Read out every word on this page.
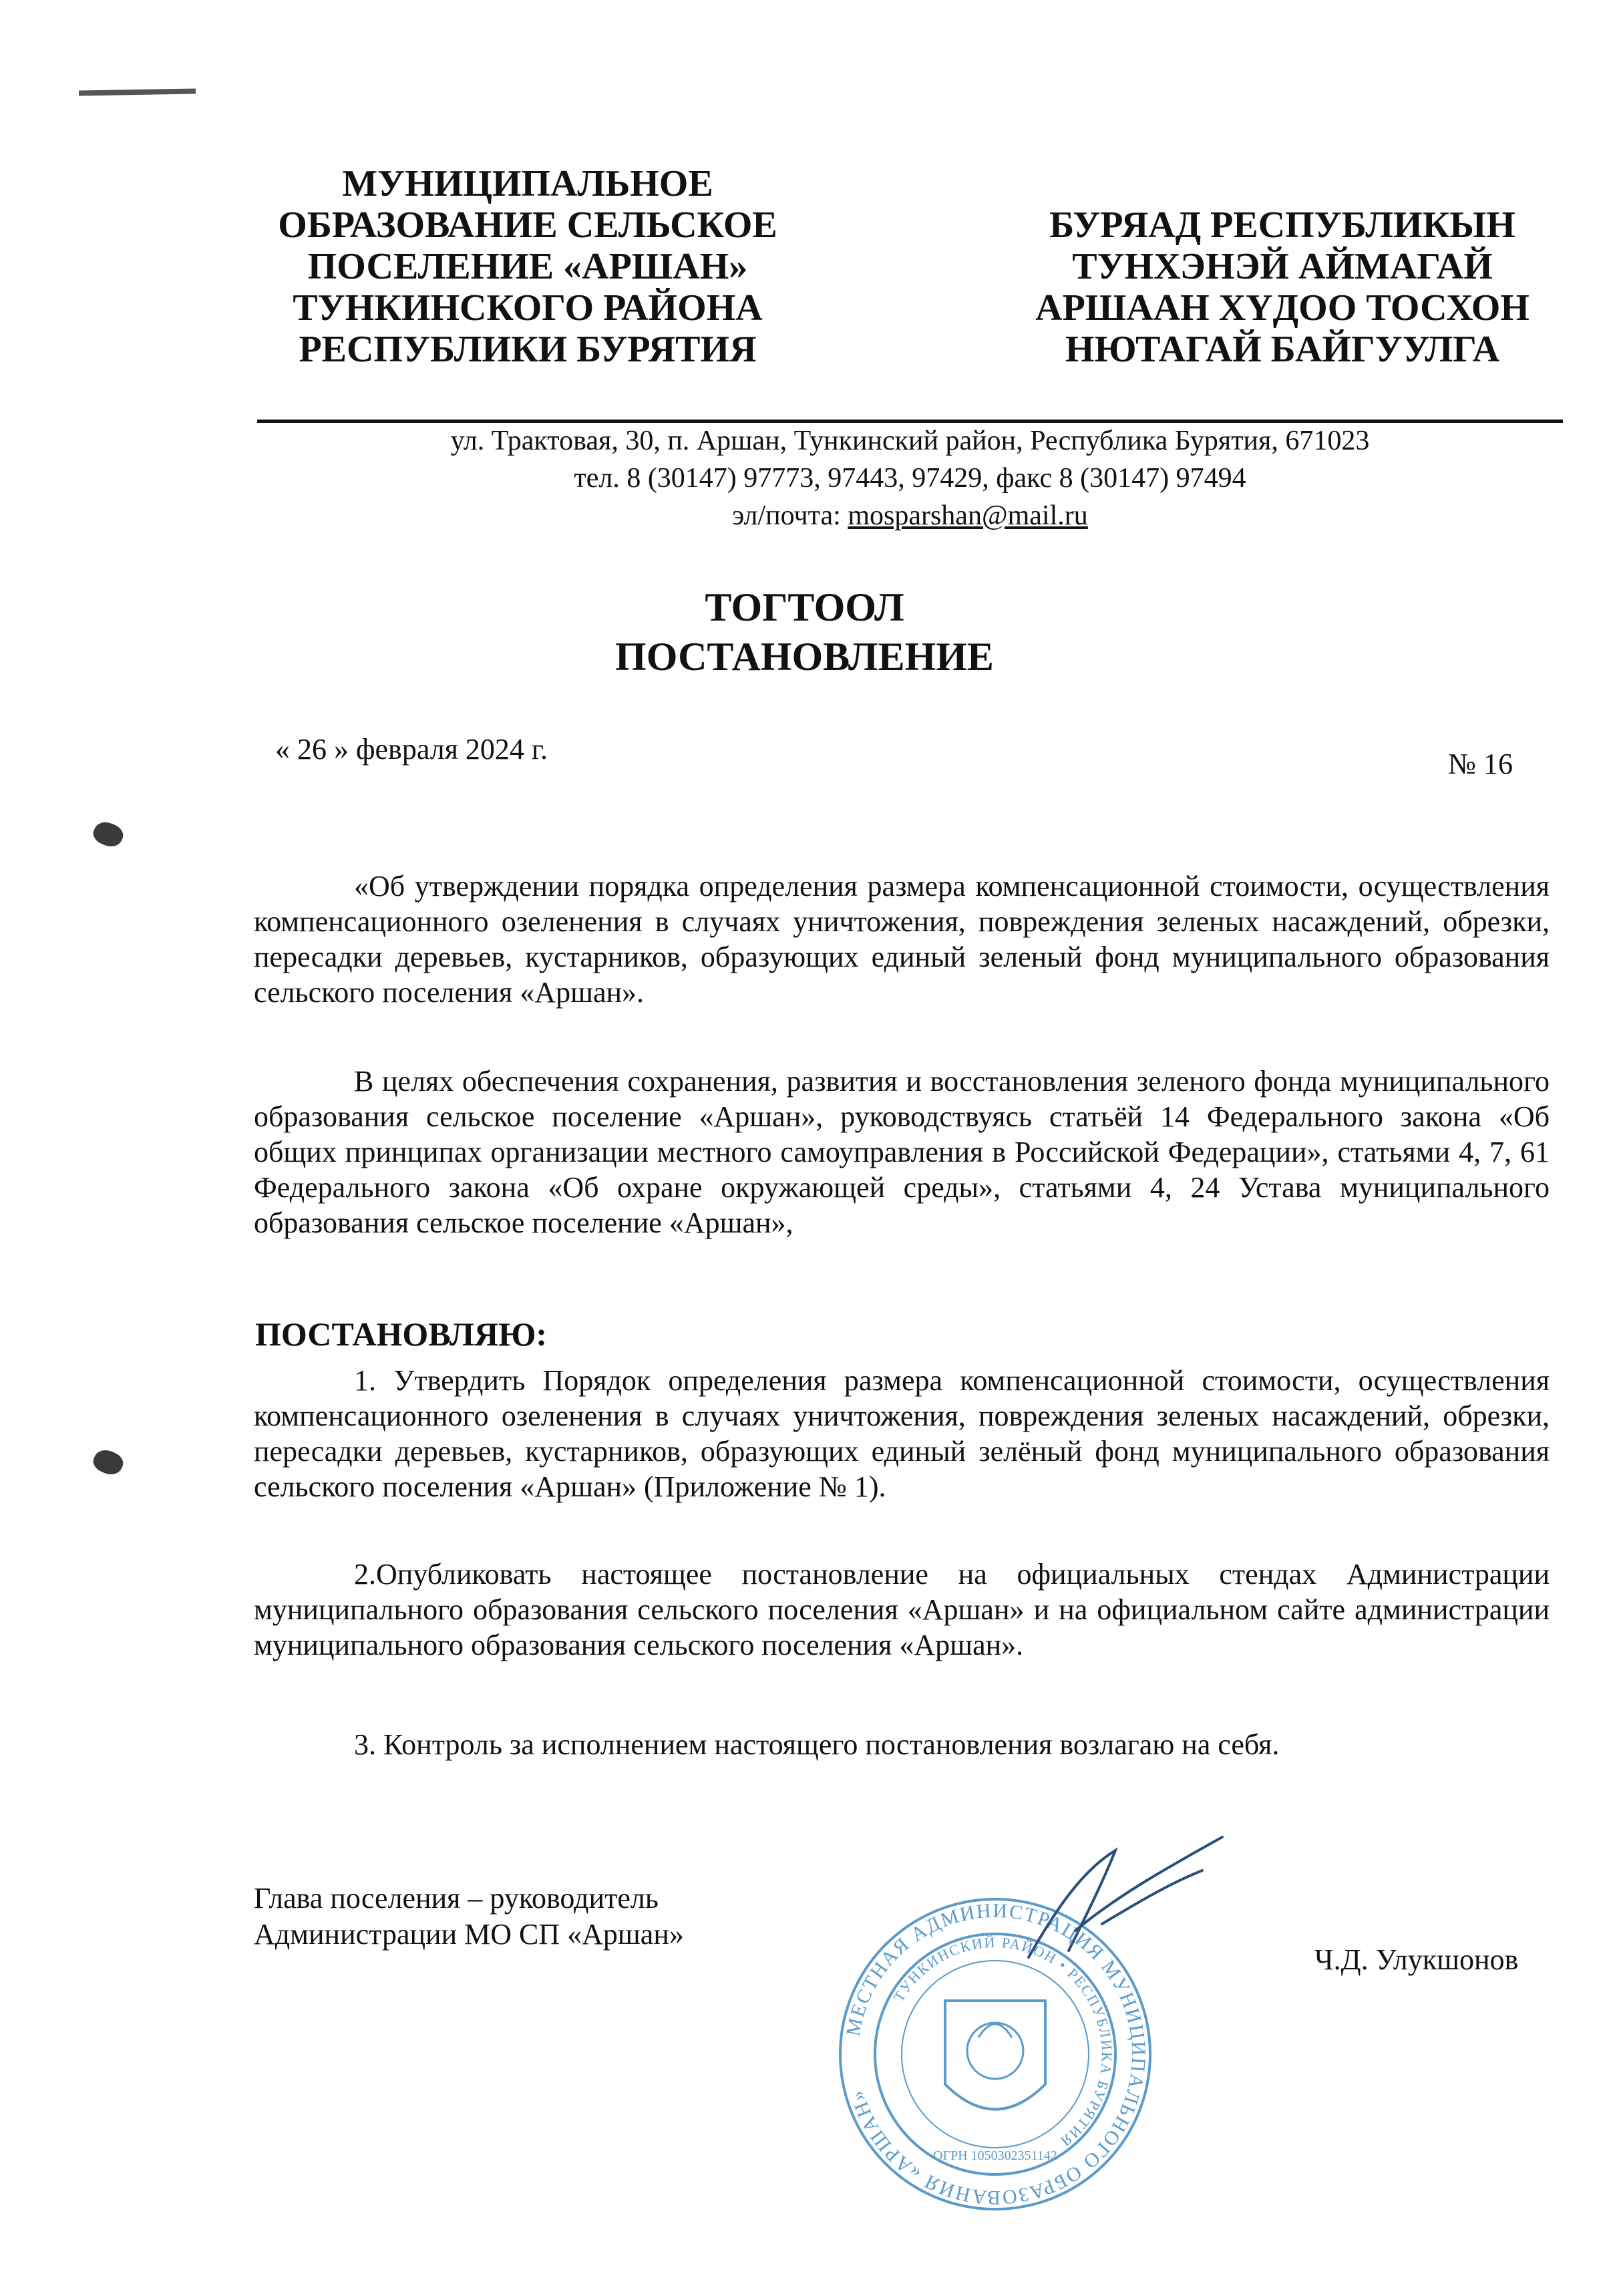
МУНИЦИПАЛЬНОЕ
ОБРАЗОВАНИЕ СЕЛЬСКОЕ
ПОСЕЛЕНИЕ «АРШАН»
ТУНКИНСКОГО РАЙОНА
РЕСПУБЛИКИ БУРЯТИЯ
БУРЯАД РЕСПУБЛИКЫН
ТУНХЭНЭЙ АЙМАГАЙ
АРШААН ХҮДОО ТОСХОН
НЮТАГАЙ БАЙГУУЛГА
ул. Трактовая, 30, п. Аршан, Тункинский район, Республика Бурятия, 671023
тел. 8 (30147) 97773, 97443, 97429, факс 8 (30147) 97494
эл/почта: mosparshan@mail.ru
ТОГТООЛ
ПОСТАНОВЛЕНИЕ
« 26 » февраля 2024 г.	№ 16

«Об утверждении порядка определения размера компенсационной стоимости, осуществления компенсационного озеленения в случаях уничтожения, повреждения зеленых насаждений, обрезки, пересадки деревьев, кустарников, образующих единый зеленый фонд муниципального образования сельского поселения «Аршан».

В целях обеспечения сохранения, развития и восстановления зеленого фонда муниципального образования сельское поселение «Аршан», руководствуясь статьёй 14 Федерального закона «Об общих принципах организации местного самоуправления в Российской Федерации», статьями 4, 7, 61 Федерального закона «Об охране окружающей среды», статьями 4, 24 Устава муниципального образования сельское поселение «Аршан»,

ПОСТАНОВЛЯЮ:

1. Утвердить Порядок определения размера компенсационной стоимости, осуществления компенсационного озеленения в случаях уничтожения, повреждения зеленых насаждений, обрезки, пересадки деревьев, кустарников, образующих единый зелёный фонд муниципального образования сельского поселения «Аршан» (Приложение № 1).

2.Опубликовать настоящее постановление на официальных стендах Администрации муниципального образования сельского поселения «Аршан» и на официальном сайте администрации муниципального образования сельского поселения «Аршан».

3. Контроль за исполнением настоящего постановления возлагаю на себя.

Глава поселения – руководитель
Администрации МО СП «Аршан»
Ч.Д. Улукшонов
МЕСТНАЯ АДМИНИСТРАЦИЯ МУНИЦИПАЛЬНОГО ОБРАЗОВАНИЯ «АРШАН»
ТУНКИНСКИЙ РАЙОН • РЕСПУБЛИКА БУРЯТИЯ
ОГРН 1050302351142
